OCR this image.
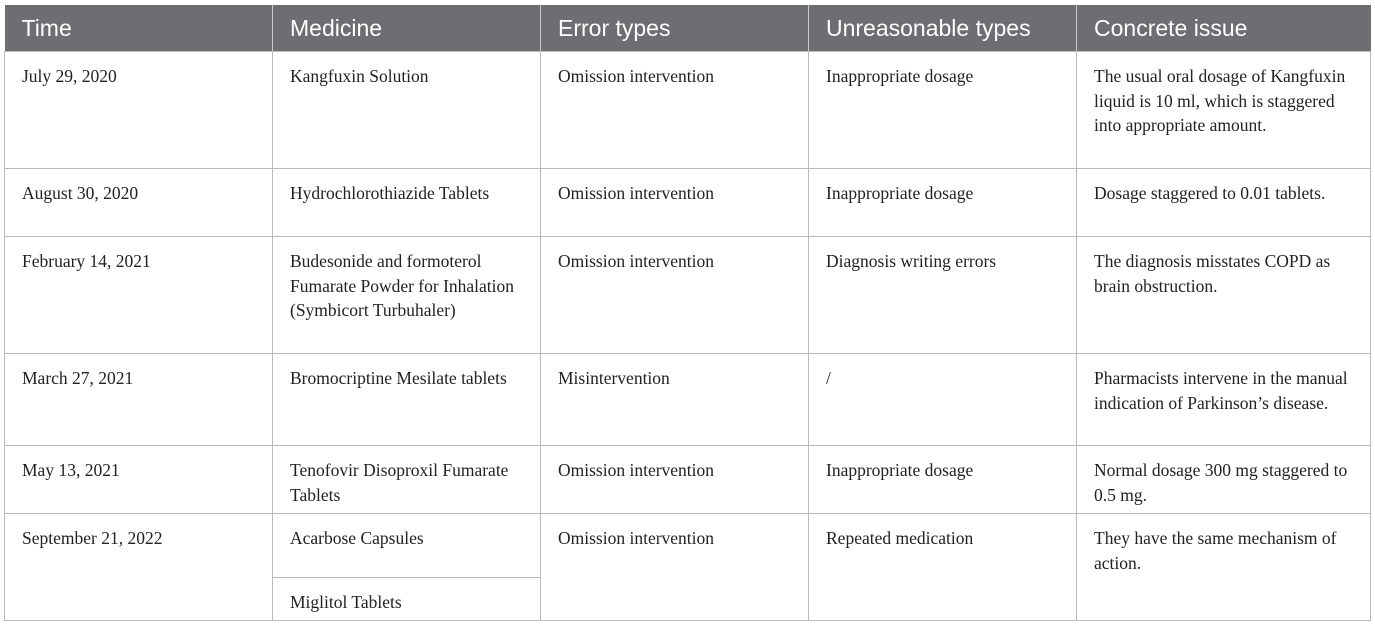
Time	Medicine	Error types	Unreasonable types	Concrete issue
July 29, 2020	Kangfuxin Solution	Omission intervention	Inappropriate dosage	The usual oral dosage of Kangfuxin liquid is 10 ml, which is staggered into appropriate amount.
August 30, 2020	Hydrochlorothiazide Tablets	Omission intervention	Inappropriate dosage	Dosage staggered to 0.01 tablets.
February 14, 2021	Budesonide and formoterol Fumarate Powder for Inhalation (Symbicort Turbuhaler)	Omission intervention	Diagnosis writing errors	The diagnosis misstates COPD as brain obstruction.
March 27, 2021	Bromocriptine Mesilate tablets	Misintervention	/	Pharmacists intervene in the manual indication of Parkinson’s disease.
May 13, 2021	Tenofovir Disoproxil Fumarate Tablets	Omission intervention	Inappropriate dosage	Normal dosage 300 mg staggered to 0.5 mg.
September 21, 2022	Acarbose Capsules	Omission intervention	Repeated medication	They have the same mechanism of action.
	Miglitol Tablets			
